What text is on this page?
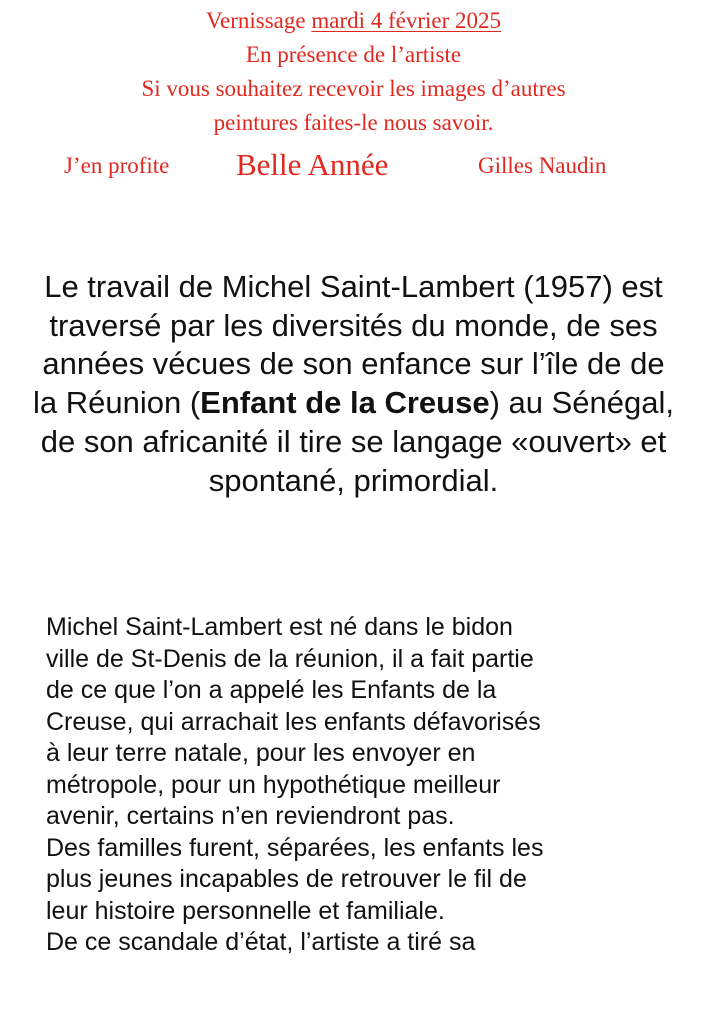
Vernissage mardi 4 février 2025
En présence de l’artiste
Si vous souhaitez recevoir les images d’autres
peintures faites-le nous savoir.
J’en profite Belle Année	Gilles Naudin
Le travail de Michel Saint-Lambert (1957) est traversé par les diversités du monde, de ses années vécues de son enfance sur l’île de de la Réunion (Enfant de la Creuse) au Sénégal, de son africanité il tire se langage «ouvert» et spontané, primordial.
Michel Saint-Lambert est né dans le bidon
ville de St-Denis de la réunion, il a fait partie
de ce que l’on a appelé les Enfants de la
Creuse, qui arrachait les enfants défavorisés
à leur terre natale, pour les envoyer en
métropole, pour un hypothétique meilleur
avenir, certains n’en reviendront pas.
Des familles furent, séparées, les enfants les
plus jeunes incapables de retrouver le fil de
leur histoire personnelle et familiale.
De ce scandale d’état, l’artiste a tiré sa
